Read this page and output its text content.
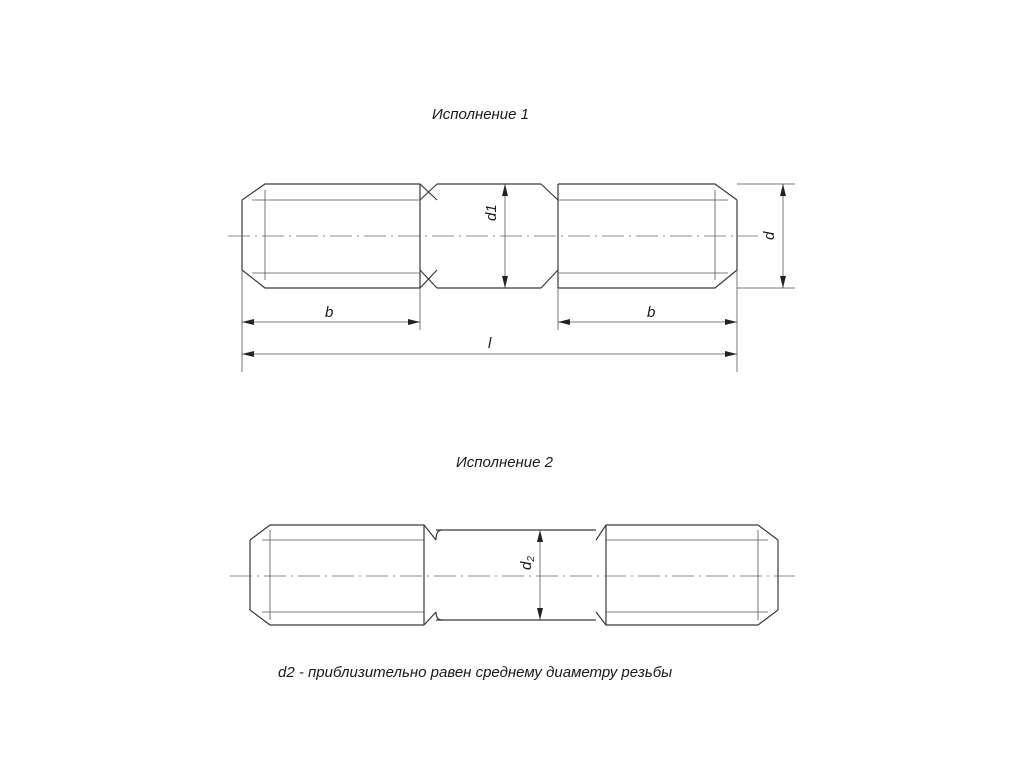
Исполнение 1
d1
d
b	b
l
Исполнение 2
$d_2$
d2 - приблизительно равен среднему диаметру резьбы
